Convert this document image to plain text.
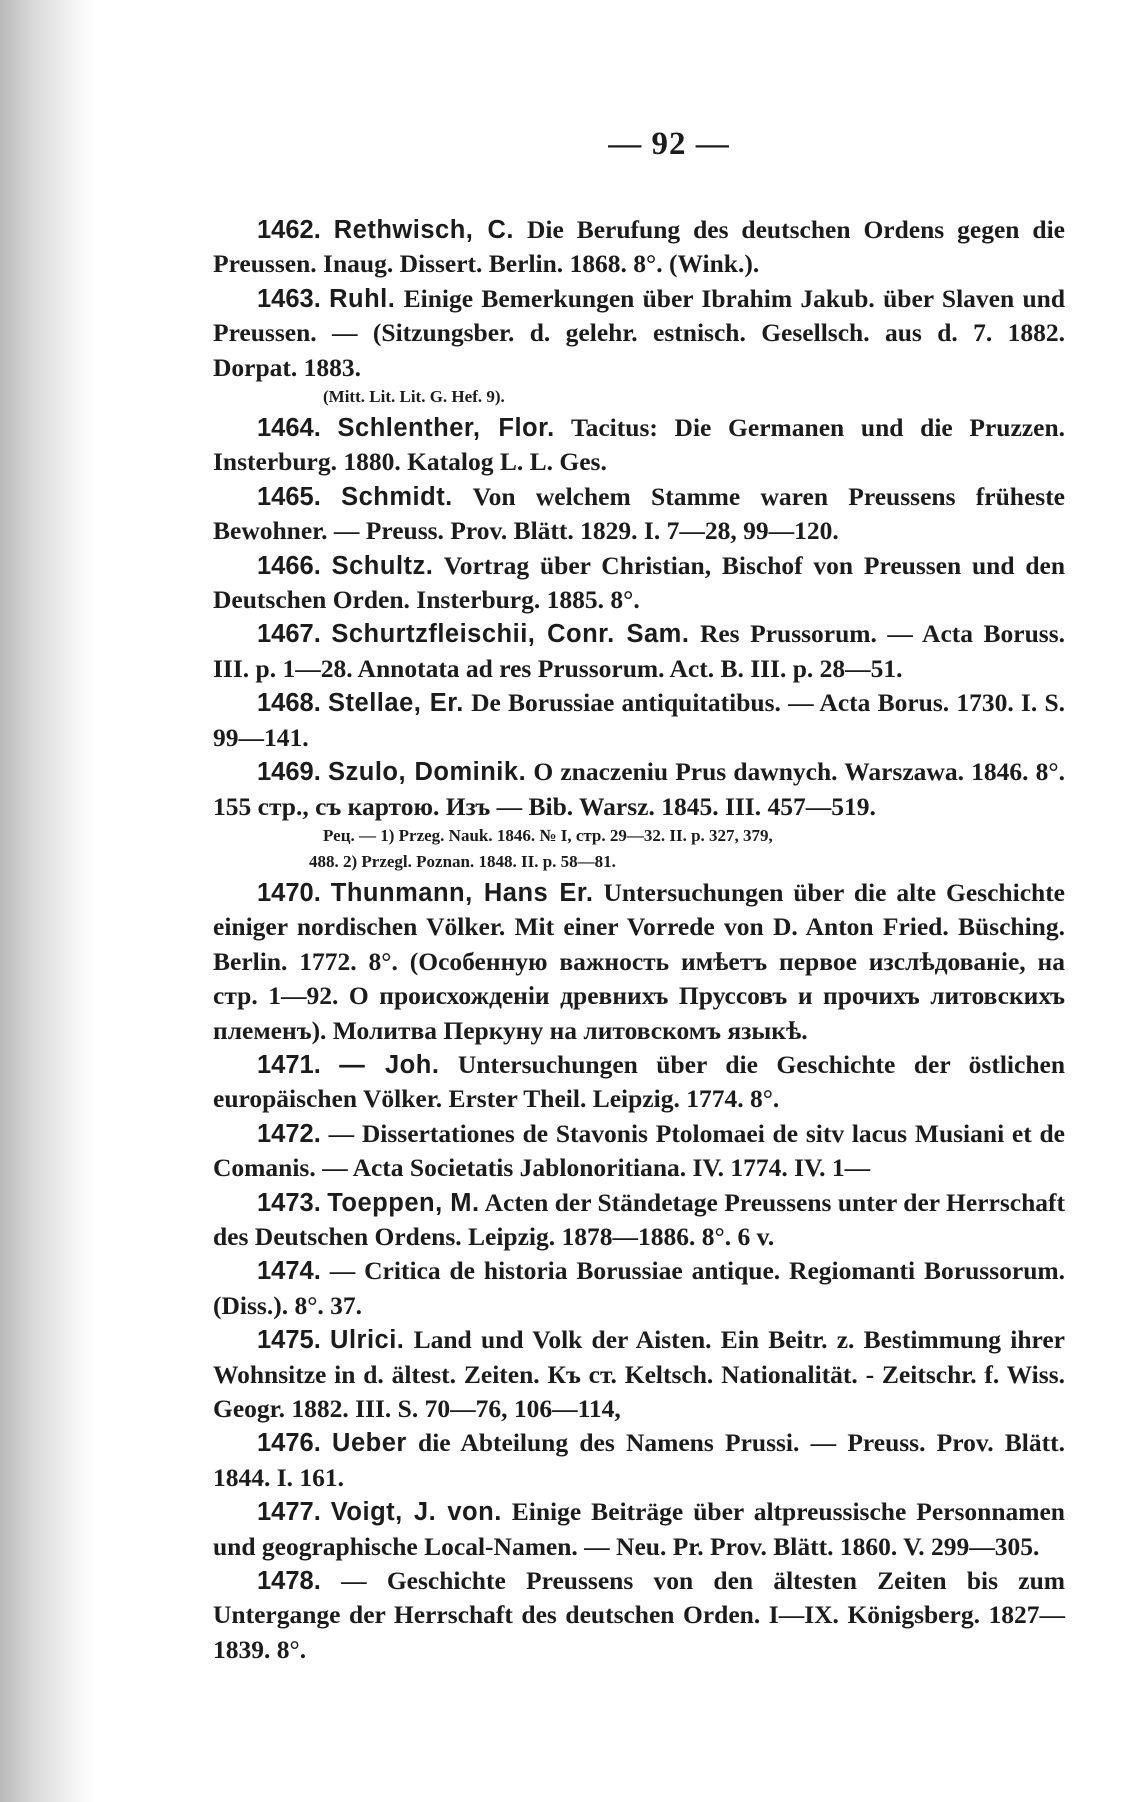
— 92 —

1462. Rethwisch, C. Die Berufung des deutschen Ordens gegen die Preussen. Inaug. Dissert. Berlin. 1868. 8°. (Wink.).

1463. Ruhl. Einige Bemerkungen über Ibrahim Jakub. über Slaven und Preussen. — (Sitzungsber. d. gelehr. estnisch. Gesellsch. aus d. 7. 1882. Dorpat. 1883.

(Mitt. Lit. Lit. G. Hef. 9).

1464. Schlenther, Flor. Tacitus: Die Germanen und die Pruzzen. Insterburg. 1880. Katalog L. L. Ges.

1465. Schmidt. Von welchem Stamme waren Preussens früheste Bewohner. — Preuss. Prov. Blätt. 1829. I. 7—28, 99—120.

1466. Schultz. Vortrag über Christian, Bischof von Preussen und den Deutschen Orden. Insterburg. 1885. 8°.

1467. Schurtzfleischii, Conr. Sam. Res Prussorum. — Acta Boruss. III. p. 1—28. Annotata ad res Prussorum. Act. B. III. p. 28—51.

1468. Stellae, Er. De Borussiae antiquitatibus. — Acta Borus. 1730. I. S. 99—141.

1469. Szulo, Dominik. O znaczeniu Prus dawnych. Warszawa. 1846. 8°. 155 стр., съ картою. Изъ — Bib. Warsz. 1845. III. 457—519.

Рец. — 1) Przeg. Nauk. 1846. № I, стр. 29—32. II. p. 327, 379,
488. 2) Przegl. Poznan. 1848. II. p. 58—81.

1470. Thunmann, Hans Er. Untersuchungen über die alte Geschichte einiger nordischen Völker. Mit einer Vorrede von D. Anton Fried. Büsching. Berlin. 1772. 8°. (Особенную важность имѣетъ первое изслѣдованіе, на стр. 1—92. О происхожденіи древнихъ Пруссовъ и прочихъ литовскихъ племенъ). Молитва Перкуну на литовскомъ языкѣ.

1471. — Joh. Untersuchungen über die Geschichte der östlichen europäischen Völker. Erster Theil. Leipzig. 1774. 8°.

1472. — Dissertationes de Stavonis Ptolomaei de sitv lacus Musiani et de Comanis. — Acta Societatis Jablonoritiana. IV. 1774. IV. 1—

1473. Toeppen, M. Acten der Ständetage Preussens unter der Herrschaft des Deutschen Ordens. Leipzig. 1878—1886. 8°. 6 v.

1474. — Critica de historia Borussiae antique. Regiomanti Borussorum. (Diss.). 8°. 37.

1475. Ulrici. Land und Volk der Aisten. Ein Beitr. z. Bestimmung ihrer Wohnsitze in d. ältest. Zeiten. Къ ст. Keltsch. Nationalität. - Zeitschr. f. Wiss. Geogr. 1882. III. S. 70—76, 106—114,

1476. Ueber die Abteilung des Namens Prussi. — Preuss. Prov. Blätt. 1844. I. 161.

1477. Voigt, J. von. Einige Beiträge über altpreussische Personnamen und geographische Local-Namen. — Neu. Pr. Prov. Blätt. 1860. V. 299—305.

1478. — Geschichte Preussens von den ältesten Zeiten bis zum Untergange der Herrschaft des deutschen Orden. I—IX. Königsberg. 1827—1839. 8°.
